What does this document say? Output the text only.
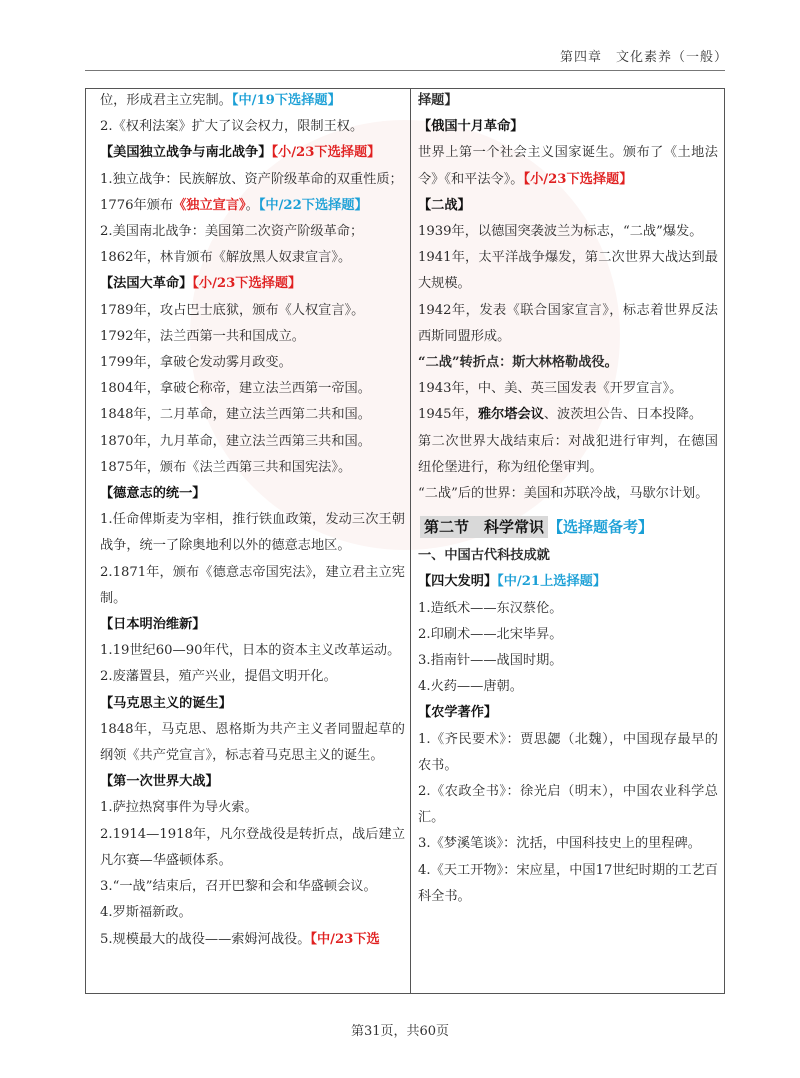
第四章　文化素养（一般）

位，形成君主立宪制。【中/19下选择题】

2.《权利法案》扩大了议会权力，限制王权。

【美国独立战争与南北战争】【小/23下选择题】

1.独立战争：民族解放、资产阶级革命的双重性质；

1776年颁布《独立宣言》。【中/22下选择题】

2.美国南北战争：美国第二次资产阶级革命；

1862年，林肯颁布《解放黑人奴隶宣言》。

【法国大革命】【小/23下选择题】

1789年，攻占巴士底狱，颁布《人权宣言》。

1792年，法兰西第一共和国成立。

1799年，拿破仑发动雾月政变。

1804年，拿破仑称帝，建立法兰西第一帝国。

1848年，二月革命，建立法兰西第二共和国。

1870年，九月革命，建立法兰西第三共和国。

1875年，颁布《法兰西第三共和国宪法》。

【德意志的统一】

1.任命俾斯麦为宰相，推行铁血政策，发动三次王朝战争，统一了除奥地利以外的德意志地区。

2.1871年，颁布《德意志帝国宪法》，建立君主立宪制。

【日本明治维新】

1.19世纪60—90年代，日本的资本主义改革运动。

2.废藩置县，殖产兴业，提倡文明开化。

【马克思主义的诞生】

1848年，马克思、恩格斯为共产主义者同盟起草的纲领《共产党宣言》，标志着马克思主义的诞生。

【第一次世界大战】

1.萨拉热窝事件为导火索。

2.1914—1918年，凡尔登战役是转折点，战后建立凡尔赛—华盛顿体系。

3.“一战”结束后，召开巴黎和会和华盛顿会议。

4.罗斯福新政。

5.规模最大的战役——索姆河战役。【中/23下选

择题】

【俄国十月革命】

世界上第一个社会主义国家诞生。颁布了《土地法令》《和平法令》。【小/23下选择题】

【二战】

1939年，以德国突袭波兰为标志，“二战”爆发。

1941年，太平洋战争爆发，第二次世界大战达到最大规模。

1942年，发表《联合国家宣言》，标志着世界反法西斯同盟形成。

“二战”转折点：斯大林格勒战役。

1943年，中、美、英三国发表《开罗宣言》。

1945年，雅尔塔会议、波茨坦公告、日本投降。

第二次世界大战结束后：对战犯进行审判，在德国纽伦堡进行，称为纽伦堡审判。

“二战”后的世界：美国和苏联冷战，马歇尔计划。

第二节　科学常识 【选择题备考】

一、中国古代科技成就

【四大发明】【中/21上选择题】

1.造纸术——东汉蔡伦。

2.印刷术——北宋毕昇。

3.指南针——战国时期。

4.火药——唐朝。

【农学著作】

1.《齐民要术》：贾思勰（北魏），中国现存最早的农书。

2.《农政全书》：徐光启（明末），中国农业科学总汇。

3.《梦溪笔谈》：沈括，中国科技史上的里程碑。

4.《天工开物》：宋应星，中国17世纪时期的工艺百科全书。

第31页，共60页
